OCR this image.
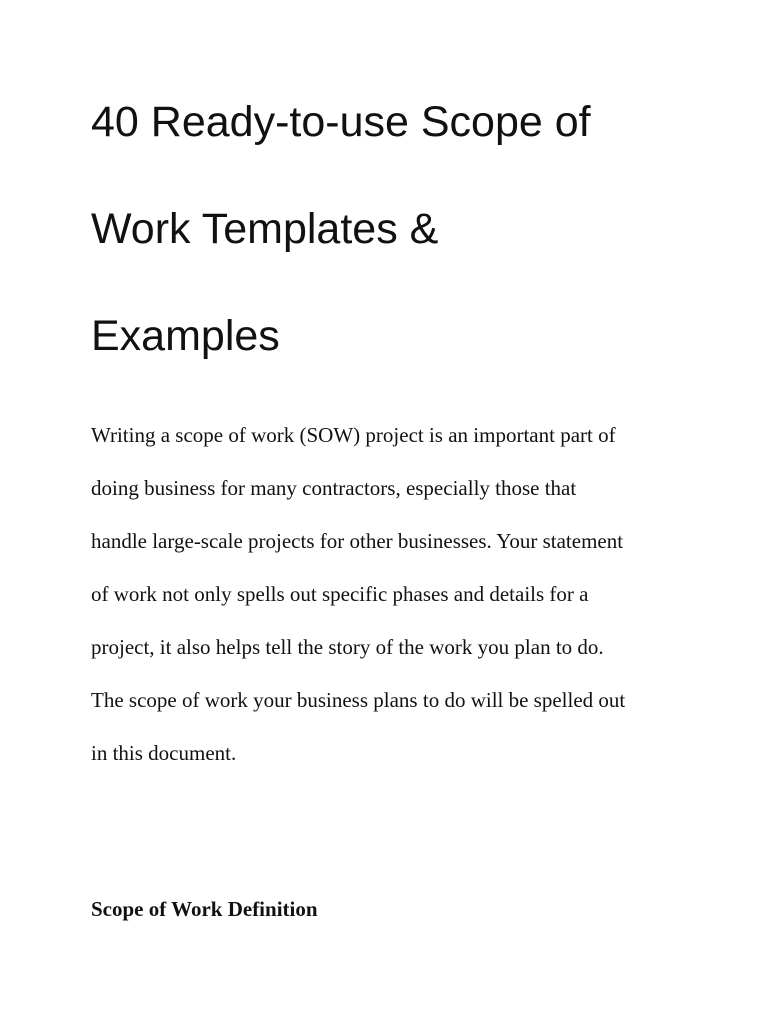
40 Ready-to-use Scope of
Work Templates &
Examples

Writing a scope of work (SOW) project is an important part of

doing business for many contractors, especially those that

handle large-scale projects for other businesses. Your statement

of work not only spells out specific phases and details for a

project, it also helps tell the story of the work you plan to do.

The scope of work your business plans to do will be spelled out

in this document.

Scope of Work Definition
